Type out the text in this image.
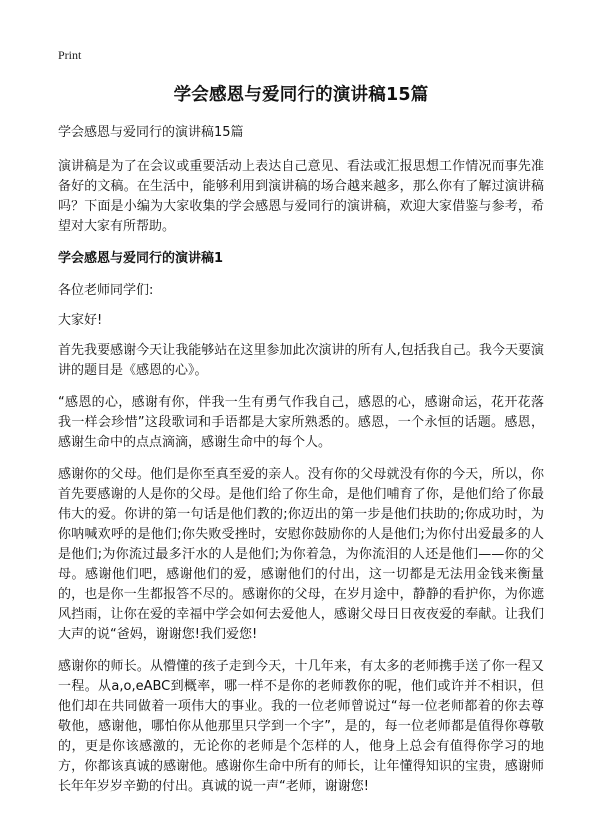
Print
学会感恩与爱同行的演讲稿15篇
学会感恩与爱同行的演讲稿15篇

演讲稿是为了在会议或重要活动上表达自己意见、看法或汇报思想工作情况而事先准备好的文稿。在生活中，能够利用到演讲稿的场合越来越多，那么你有了解过演讲稿吗？下面是小编为大家收集的学会感恩与爱同行的演讲稿，欢迎大家借鉴与参考，希望对大家有所帮助。

学会感恩与爱同行的演讲稿1

各位老师同学们:

大家好!

首先我要感谢今天让我能够站在这里参加此次演讲的所有人,包括我自己。我今天要演讲的题目是《感恩的心》。

“感恩的心，感谢有你，伴我一生有勇气作我自己，感恩的心，感谢命运，花开花落我一样会珍惜”这段歌词和手语都是大家所熟悉的。感恩，一个永恒的话题。感恩，感谢生命中的点点滴滴，感谢生命中的每个人。

感谢你的父母。他们是你至真至爱的亲人。没有你的父母就没有你的今天，所以，你首先要感谢的人是你的父母。是他们给了你生命，是他们哺育了你，是他们给了你最伟大的爱。你讲的第一句话是他们教的;你迈出的第一步是他们扶助的;你成功时，为你呐喊欢呼的是他们;你失败受挫时，安慰你鼓励你的人是他们;为你付出爱最多的人是他们;为你流过最多汗水的人是他们;为你着急，为你流泪的人还是他们——你的父母。感谢他们吧，感谢他们的爱，感谢他们的付出，这一切都是无法用金钱来衡量的，也是你一生都报答不尽的。感谢你的父母，在岁月途中，静静的看护你，为你遮风挡雨，让你在爱的幸福中学会如何去爱他人，感谢父母日日夜夜爱的奉献。让我们大声的说“爸妈，谢谢您!我们爱您!

感谢你的师长。从懵懂的孩子走到今天，十几年来，有太多的老师携手送了你一程又一程。从a,o,eABC到概率，哪一样不是你的老师教你的呢，他们或许并不相识，但他们却在共同做着一项伟大的事业。我的一位老师曾说过“每一位老师都着的你去尊敬他，感谢他，哪怕你从他那里只学到一个字”，是的，每一位老师都是值得你尊敬的，更是你该感激的，无论你的老师是个怎样的人，他身上总会有值得你学习的地方，你都该真诚的感谢他。感谢你生命中所有的师长，让年懂得知识的宝贵，感谢师长年年岁岁辛勤的付出。真诚的说一声“老师，谢谢您!
